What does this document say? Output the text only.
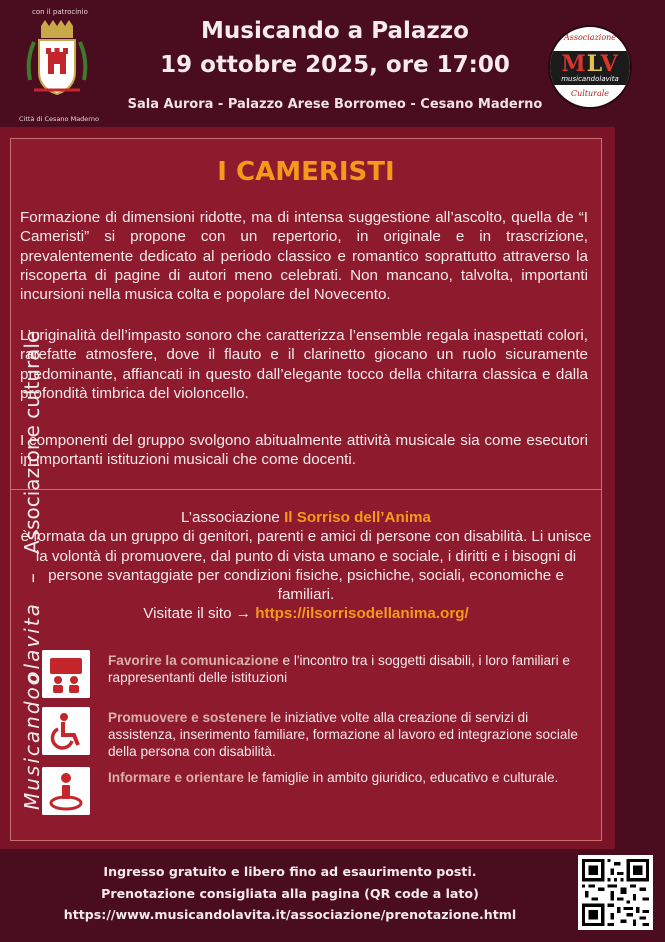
con il patrocinio
Città di Cesano Maderno
Musicando a Palazzo
19 ottobre 2025, ore 17:00
Sala Aurora - Palazzo Arese Borromeo - Cesano Maderno
Associazione
MLV
musicandolavita
Culturale
I CAMERISTI
Formazione di dimensioni ridotte, ma di intensa suggestione all’ascolto, quella de “I Cameristi” si propone con un repertorio, in originale e in trascrizione, prevalentemente dedicato al periodo classico e romantico soprattutto attraverso la riscoperta di pagine di autori meno celebrati. Non mancano, talvolta, importanti incursioni nella musica colta e popolare del Novecento.
L’originalità dell’impasto sonoro che caratterizza l’ensemble regala inaspettati colori, rarefatte atmosfere, dove il flauto e il clarinetto giocano un ruolo sicuramente predominante, affiancati in questo dall’elegante tocco della chitarra classica e dalla profondità timbrica del violoncello.
I componenti del gruppo svolgono abitualmente attività musicale sia come esecutori in importanti istituzioni musicali che come docenti.
L’associazione Il Sorriso dell’Anima
è formata da un gruppo di genitori, parenti e amici di persone con disabilità. Li unisce la volontà di promuovere, dal punto di vista umano e sociale, i diritti e i bisogni di persone svantaggiate per condizioni fisiche, psichiche, sociali, economiche e familiari.
Visitate il sito → https://ilsorrisodellanima.org/
Favorire la comunicazione e l'incontro tra i soggetti disabili, i loro familiari e rappresentanti delle istituzioni
Promuovere e sostenere le iniziative volte alla creazione di servizi di assistenza, inserimento familiare, formazione al lavoro ed integrazione sociale della persona con disabilità.
Informare e orientare le famiglie in ambito giuridico, educativo e culturale.
Musicandoolavita   –   Associazione culturale
Ingresso gratuito e libero fino ad esaurimento posti.
Prenotazione consigliata alla pagina (QR code a lato)
https://www.musicandolavita.it/associazione/prenotazione.html
